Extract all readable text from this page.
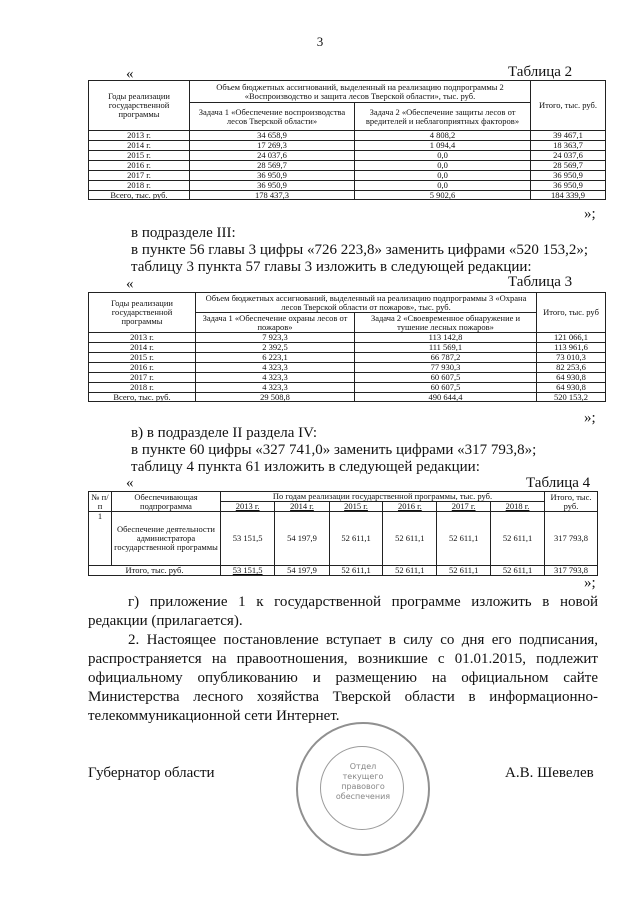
3
«	Таблица 2
Годы реализации государственной программы	Объем бюджетных ассигнований, выделенный на реализацию подпрограммы 2 «Воспроизводство и защита лесов Тверской области», тыс. руб.		Итого, тыс. руб.
	Задача 1 «Обеспечение воспроизводства лесов Тверской области»	Задача 2 «Обеспечение защиты лесов от вредителей и неблагоприятных факторов»	
2013 г.	34 658,9	4 808,2	39 467,1
2014 г.	17 269,3	1 094,4	18 363,7
2015 г.	24 037,6	0,0	24 037,6
2016 г.	28 569,7	0,0	28 569,7
2017 г.	36 950,9	0,0	36 950,9
2018 г.	36 950,9	0,0	36 950,9
Всего, тыс. руб.	178 437,3	5 902,6	184 339,9
»;
в подразделе III:
в пункте 56 главы 3 цифры «726 223,8» заменить цифрами «520 153,2»;
таблицу 3 пункта 57 главы 3 изложить в следующей редакции:
«	Таблица 3
Годы реализации государственной программы	Объем бюджетных ассигнований, выделенный на реализацию подпрограммы 3 «Охрана лесов Тверской области от пожаров», тыс. руб.		Итого, тыс. руб
	Задача 1 «Обеспечение охраны лесов от пожаров»	Задача 2 «Своевременное обнаружение и тушение лесных пожаров»	
2013 г.	7 923,3	113 142,8	121 066,1
2014 г.	2 392,5	111 569,1	113 961,6
2015 г.	6 223,1	66 787,2	73 010,3
2016 г.	4 323,3	77 930,3	82 253,6
2017 г.	4 323,3	60 607,5	64 930,8
2018 г.	4 323,3	60 607,5	64 930,8
Всего, тыс. руб.	29 508,8	490 644,4	520 153,2
»;
в) в подразделе II раздела IV:
в пункте 60 цифры «327 741,0» заменить цифрами «317 793,8»;
таблицу 4 пункта 61 изложить в следующей редакции:
«	Таблица 4
№ п/п	Обеспечивающая подпрограмма	По годам реализации государственной программы, тыс. руб.						Итого, тыс. руб.
		2013 г.	2014 г.	2015 г.	2016 г.	2017 г.	2018 г.	
1	Обеспечение деятельности администратора государственной программы	53 151,5	54 197,9	52 611,1	52 611,1	52 611,1	52 611,1	317 793,8
Итого, тыс. руб.		53 151,5	54 197,9	52 611,1	52 611,1	52 611,1	52 611,1	317 793,8
»;
г) приложение 1 к государственной программе изложить в новой редакции (прилагается).
2. Настоящее постановление вступает в силу со дня его подписания, распространяется на правоотношения, возникшие с 01.01.2015, подлежит официальному опубликованию и размещению на официальном сайте Министерства лесного хозяйства Тверской области в информационно-телекоммуникационной сети Интернет.
Отдел текущего правового обеспечения
Губернатор области	А.В. Шевелев
